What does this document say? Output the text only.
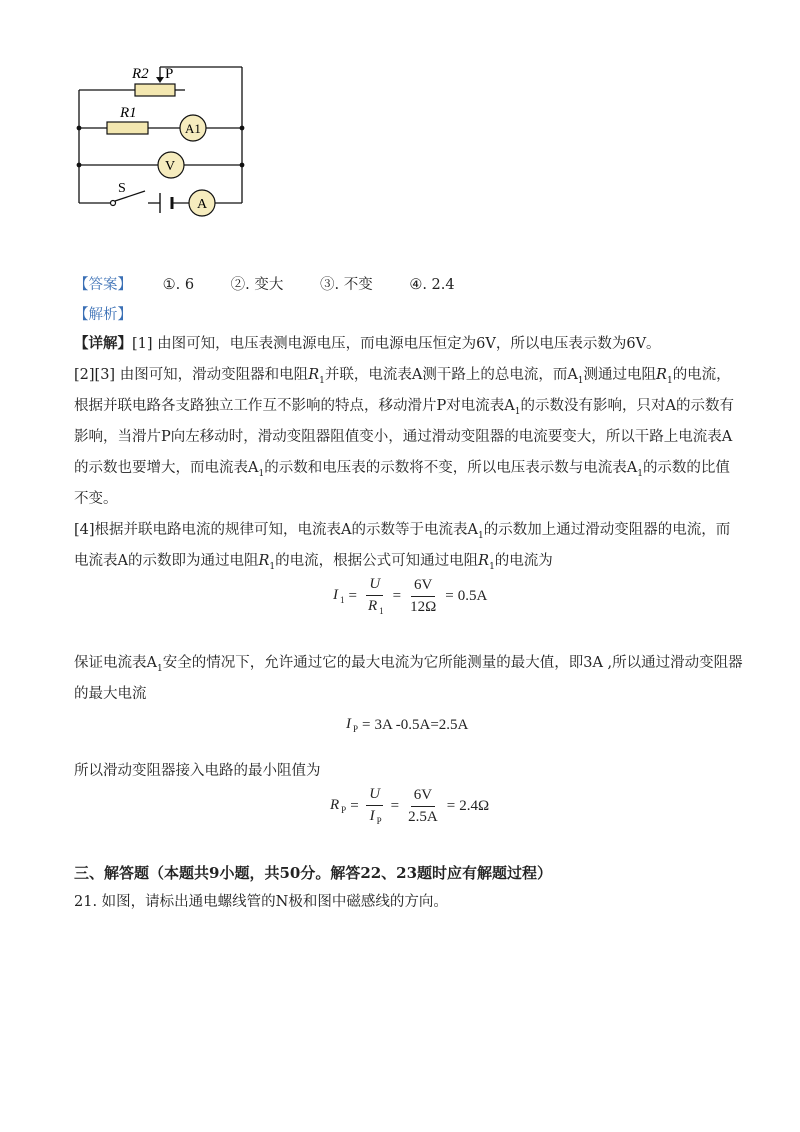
R2 P
R1
A1
V
S
A
【答案】 ①. 6	②. 变大	③. 不变	④. 2.4
【解析】
【详解】[1] 由图可知，电压表测电源电压，而电源电压恒定为6V，所以电压表示数为6V。
[2][3] 由图可知，滑动变阻器和电阻$R_1$并联，电流表A测干路上的总电流，而$A_1$测通过电阻$R_1$的电流，
根据并联电路各支路独立工作互不影响的特点，移动滑片P对电流表$A_1$的示数没有影响，只对A的示数有
影响，当滑片P向左移动时，滑动变阻器阻值变小，通过滑动变阻器的电流要变大，所以干路上电流表A
的示数也要增大，而电流表$A_1$的示数和电压表的示数将不变，所以电压表示数与电流表$A_1$的示数的比值
不变。
[4]根据并联电路电流的规律可知，电流表A的示数等于电流表$A_1$的示数加上通过滑动变阻器的电流，而
电流表A的示数即为通过电阻$R_1$的电流，根据公式可知通过电阻$R_1$的电流为
I $_1 = \frac{U}{R _1} = \frac{6V}{12\Omega} = 0.5A$
保证电流表$A_1$安全的情况下，允许通过它的最大电流为它所能测量的最大值，即3A ,所以通过滑动变阻器
的最大电流
I $_P$ = 3A -0.5A=2.5A
所以滑动变阻器接入电路的最小阻值为
R $_P = \frac{U}{I _P} = \frac{6V}{2.5A} = 2.4\Omega$
三、解答题（本题共9小题，共50分。解答22、23题时应有解题过程）
21. 如图，请标出通电螺线管的N极和图中磁感线的方向。
